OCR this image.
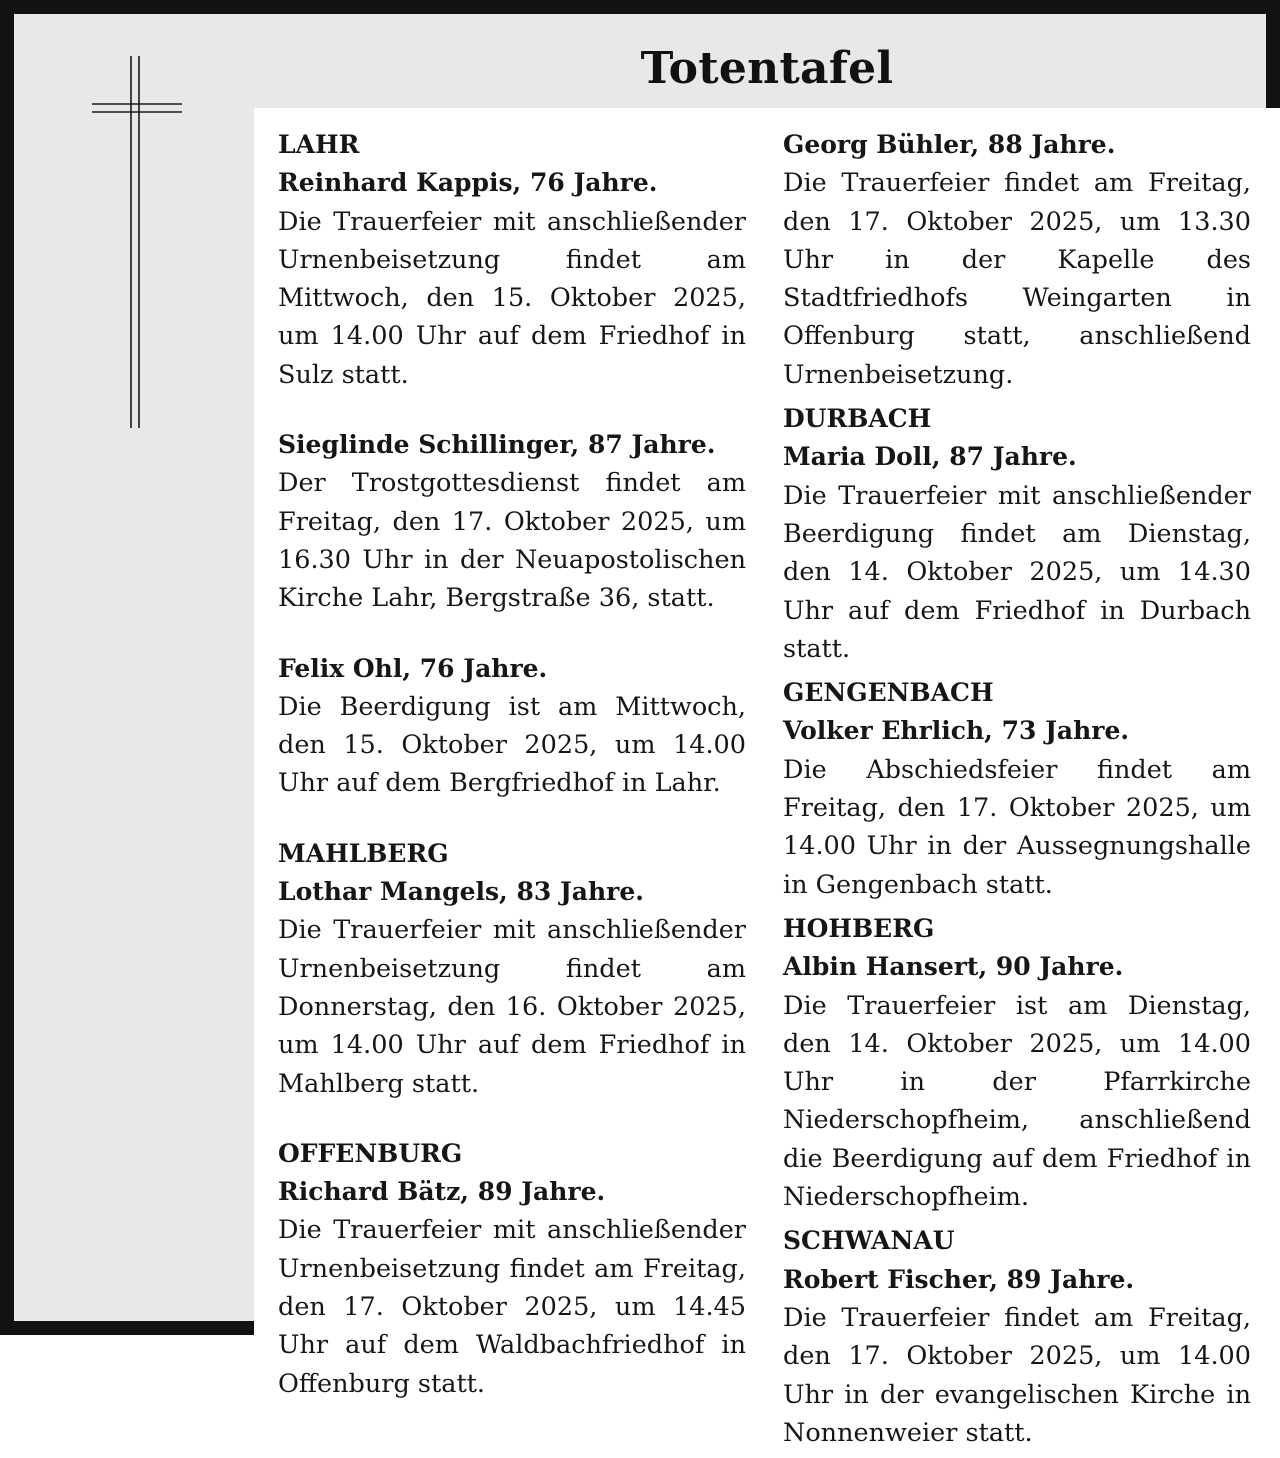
Totentafel

LAHR

Reinhard Kappis, 76 Jahre.

Die Trauerfeier mit anschließender Urnenbeisetzung findet am Mittwoch, den 15. Oktober 2025, um 14.00 Uhr auf dem Friedhof in Sulz statt.

Sieglinde Schillinger, 87 Jahre.

Der Trostgottesdienst findet am Freitag, den 17. Oktober 2025, um 16.30 Uhr in der Neuapostolischen Kirche Lahr, Bergstraße 36, statt.

Felix Ohl, 76 Jahre.

Die Beerdigung ist am Mittwoch, den 15. Oktober 2025, um 14.00 Uhr auf dem Bergfriedhof in Lahr.

MAHLBERG

Lothar Mangels, 83 Jahre.

Die Trauerfeier mit anschließender Urnenbeisetzung findet am Donnerstag, den 16. Oktober 2025, um 14.00 Uhr auf dem Friedhof in Mahlberg statt.

OFFENBURG

Richard Bätz, 89 Jahre.

Die Trauerfeier mit anschließender Urnenbeisetzung findet am Freitag, den 17. Oktober 2025, um 14.45 Uhr auf dem Waldbachfriedhof in Offenburg statt.

Georg Bühler, 88 Jahre.

Die Trauerfeier findet am Freitag, den 17. Oktober 2025, um 13.30 Uhr in der Kapelle des Stadtfriedhofs Weingarten in Offenburg statt, anschließend Urnenbeisetzung.

DURBACH

Maria Doll, 87 Jahre.

Die Trauerfeier mit anschließender Beerdigung findet am Dienstag, den 14. Oktober 2025, um 14.30 Uhr auf dem Friedhof in Durbach statt.

GENGENBACH

Volker Ehrlich, 73 Jahre.

Die Abschiedsfeier findet am Freitag, den 17. Oktober 2025, um 14.00 Uhr in der Aussegnungshalle in Gengenbach statt.

HOHBERG

Albin Hansert, 90 Jahre.

Die Trauerfeier ist am Dienstag, den 14. Oktober 2025, um 14.00 Uhr in der Pfarrkirche Niederschopfheim, anschließend die Beerdigung auf dem Friedhof in Niederschopfheim.

SCHWANAU

Robert Fischer, 89 Jahre.

Die Trauerfeier findet am Freitag, den 17. Oktober 2025, um 14.00 Uhr in der evangelischen Kirche in Nonnenweier statt.
